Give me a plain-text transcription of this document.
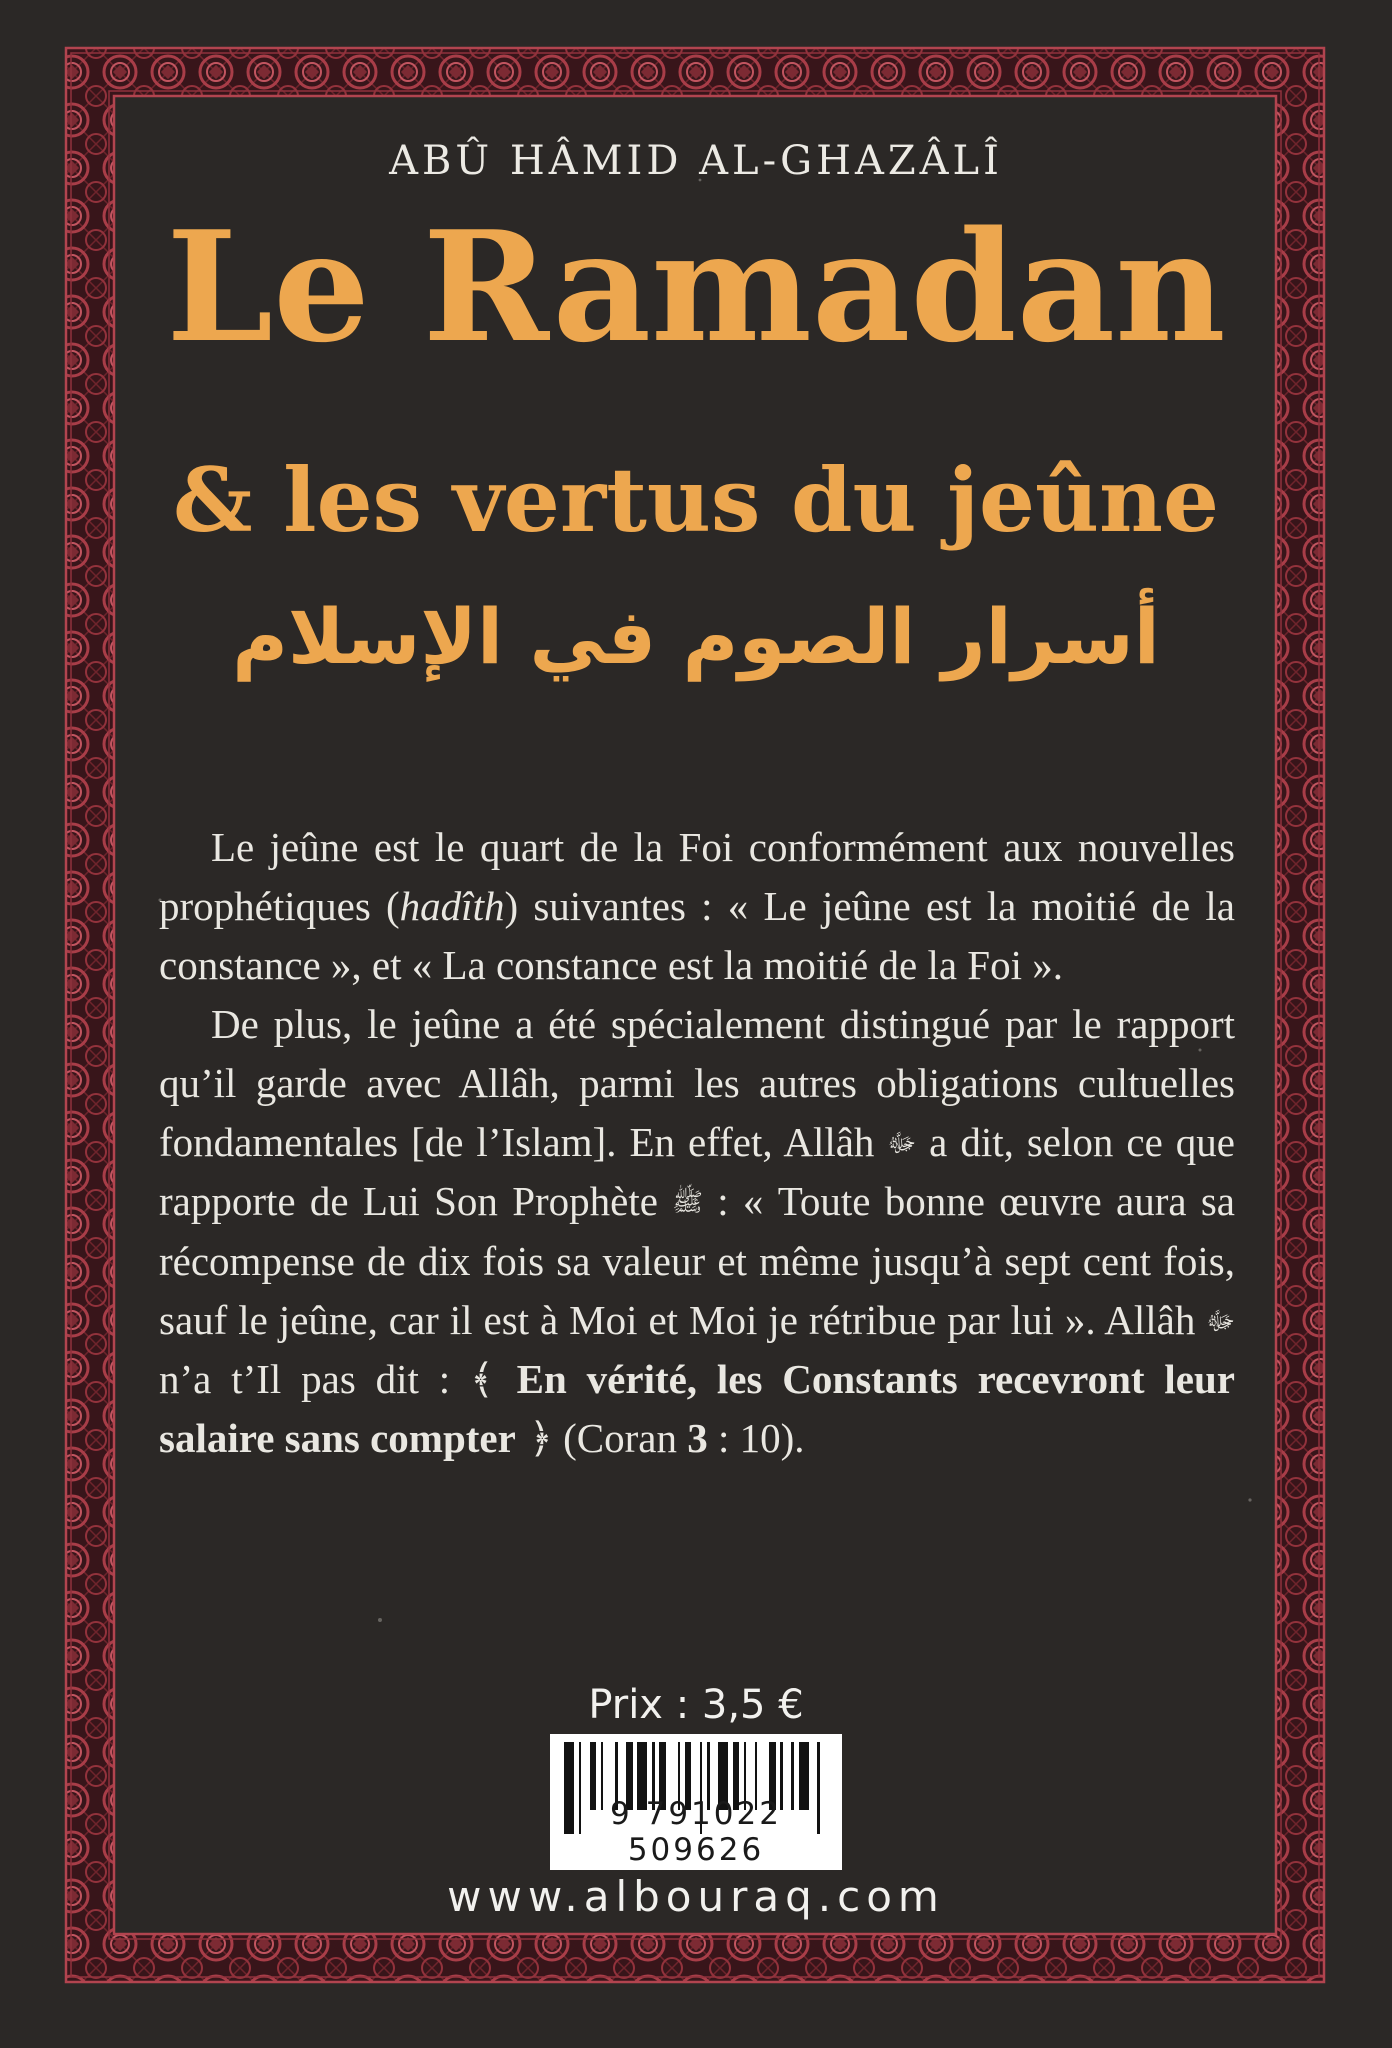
ABÛ HÂMID AL-GHAZÂLÎ
Le Ramadan
& les vertus du jeûne
أسرار الصوم في الإسلام

Le jeûne est le quart de la Foi conformément aux nouvelles prophétiques (hadîth) suivantes : « Le jeûne est la moitié de la constance », et « La constance est la moitié de la Foi ».

De plus, le jeûne a été spécialement distingué par le rapport qu’il garde avec Allâh, parmi les autres obligations cultuelles fondamentales [de l’Islam]. En effet, Allâh ﷻ a dit, selon ce que rapporte de Lui Son Prophète ﷺ : « Toute bonne œuvre aura sa récompense de dix fois sa valeur et même jusqu’à sept cent fois, sauf le jeûne, car il est à Moi et Moi je rétribue par lui ». Allâh ﷻ n’a t’Il pas dit : ﴾ En vérité, les Constants recevront leur salaire sans compter ﴿ (Coran 3 : 10).

Prix : 3,5 €
9 791022 509626
www.albouraq.com
